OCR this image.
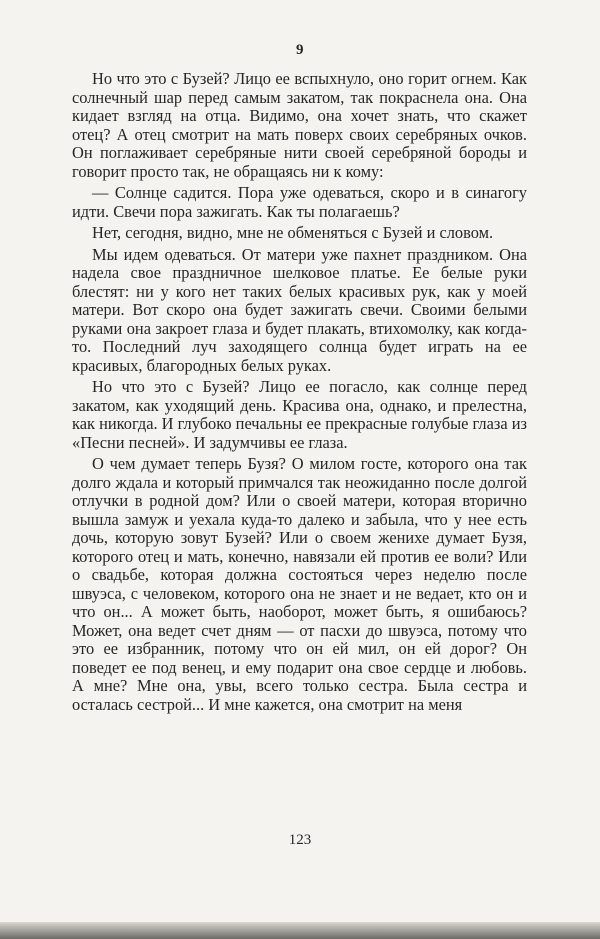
9

Но что это с Бузей? Лицо ее вспыхнуло, оно горит огнем. Как солнечный шар перед самым закатом, так покраснела она. Она кидает взгляд на отца. Видимо, она хочет знать, что скажет отец? А отец смотрит на мать поверх своих серебряных очков. Он поглаживает серебряные нити своей серебряной бороды и говорит просто так, не обращаясь ни к кому:

— Солнце садится. Пора уже одеваться, скоро и в синагогу идти. Свечи пора зажигать. Как ты полагаешь?

Нет, сегодня, видно, мне не обменяться с Бузей и словом.

Мы идем одеваться. От матери уже пахнет праздником. Она надела свое праздничное шелковое платье. Ее белые руки блестят: ни у кого нет таких белых красивых рук, как у моей матери. Вот скоро она будет зажигать свечи. Своими белыми руками она закроет глаза и будет плакать, втихомолку, как когда-то. Последний луч заходящего солнца будет играть на ее красивых, благородных белых руках.

Но что это с Бузей? Лицо ее погасло, как солнце перед закатом, как уходящий день. Красива она, однако, и прелестна, как никогда. И глубоко печальны ее прекрасные голубые глаза из «Песни песней». И задумчивы ее глаза.

О чем думает теперь Бузя? О милом госте, которого она так долго ждала и который примчался так неожиданно после долгой отлучки в родной дом? Или о своей матери, которая вторично вышла замуж и уехала куда-то далеко и забыла, что у нее есть дочь, которую зовут Бузей? Или о своем женихе думает Бузя, которого отец и мать, конечно, навязали ей против ее воли? Или о свадьбе, которая должна состояться через неделю после швуэса, с человеком, которого она не знает и не ведает, кто он и что он... А может быть, наоборот, может быть, я ошибаюсь? Может, она ведет счет дням — от пасхи до швуэса, потому что это ее избранник, потому что он ей мил, он ей дорог? Он поведет ее под венец, и ему подарит она свое сердце и любовь. А мне? Мне она, увы, всего только сестра. Была сестра и осталась сестрой... И мне кажется, она смотрит на меня

123
